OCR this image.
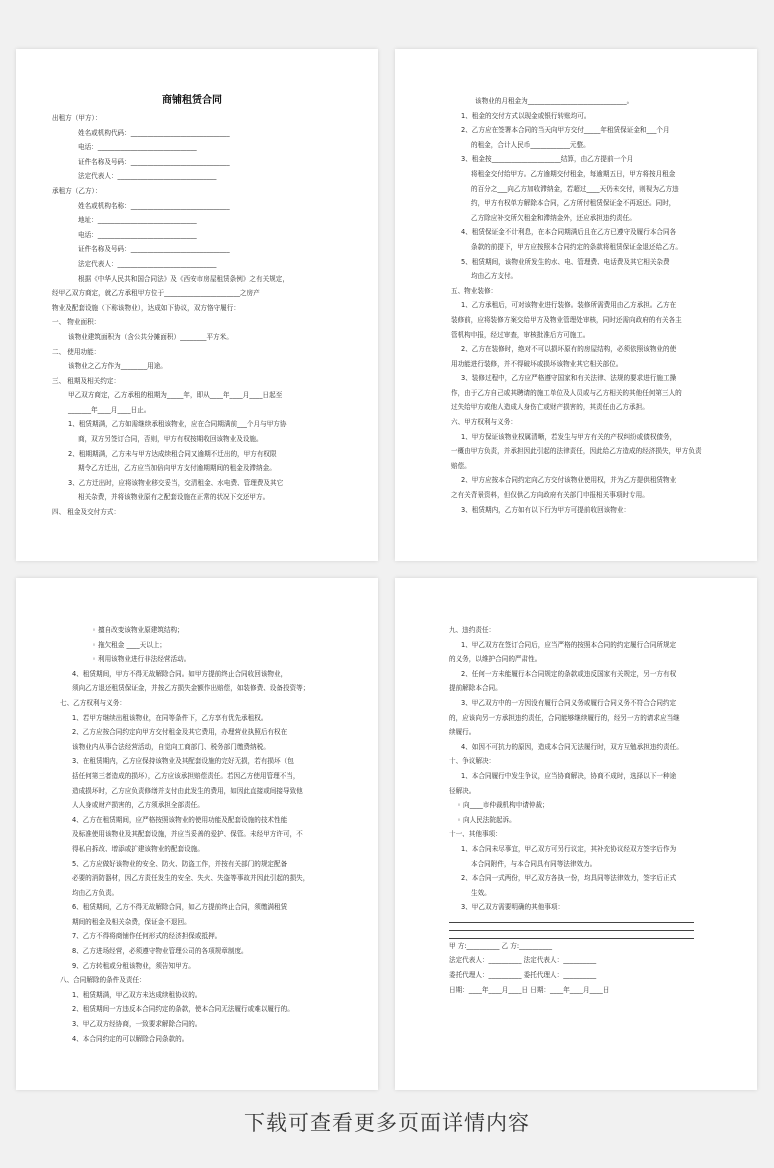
商铺租赁合同
出租方（甲方）：
姓名或机构代码：______________________________
电话：______________________________
证件名称及号码：______________________________
法定代表人：______________________________
承租方（乙方）：
姓名或机构名称：______________________________
地址：______________________________
电话：______________________________
证件名称及号码：______________________________
法定代表人：______________________________
根据《中华人民共和国合同法》及《西安市房屋租赁条例》之有关规定，
经甲乙双方商定，就乙方承租甲方位于_______________________之房产
物业及配套设施（下称该物业），达成如下协议，双方恪守履行：
一、 物业面积：
该物业建筑面积为（含公共分摊面积）________平方米。
二、 使用功能：
该物业之乙方作为________用途。
三、 租期及相关约定：
甲乙双方商定，乙方承租的租期为_____年，即从____年____月____日起至
_______年____月____日止。
1、租赁期满，乙方如需继续承租该物业，应在合同期满前___个月与甲方协
商，双方另签订合同，否则，甲方有权按期收回该物业及设施。
2、租期期满，乙方未与甲方达成续租合同又逾期不迁出的，甲方有权限
期令乙方迁出，乙方应当加倍向甲方支付逾期期间的租金及滞纳金。
3、乙方迁出时，应将该物业移交妥当，交清租金、水电费、管理费及其它
相关杂费，并将该物业原有之配套设施在正常的状况下交还甲方。
四、 租金及交付方式：
该物业的月租金为______________________________。
1、租金的交付方式以现金或银行转账均可。
2、乙方应在签署本合同的当天向甲方交付_____年租赁保证金和___个月
的租金，合计人民币____________元整。
3、租金按_____________________结算，由乙方提前一个月
将租金交付给甲方。乙方逾期交付租金，每逾期五日，甲方将按月租金
的百分之___向乙方加收滞纳金，若超过____天仍未交付，则视为乙方违
约，甲方有权单方解除本合同，乙方所付租赁保证金不再返还。同时，
乙方除应补交所欠租金和滞纳金外，还应承担违约责任。
4、租赁保证金不计利息，在本合同期满后且在乙方已遵守及履行本合同各
条款的前提下，甲方应按照本合同约定的条款将租赁保证金退还给乙方。
5、租赁期间，该物业所发生的水、电、管理费、电话费及其它相关杂费
均由乙方支付。
五、物业装修：
1、乙方承租后，可对该物业进行装修。装修所需费用由乙方承担。乙方在
装修前，应将装修方案交给甲方及物业管理处审核，同时还需向政府的有关各主
管机构申报，经过审查，审核批准后方可施工。
2、乙方在装修时，绝对不可以损坏原有的房屋结构，必须依照该物业的使
用功能进行装修，并不得破坏或损坏该物业其它相关部位。
3、装修过程中，乙方应严格遵守国家和有关法律、法规的要求进行施工操
作，由于乙方自己或其聘请的施工单位及人员或与乙方相关的其他任何第三人的
过失给甲方或他人造成人身伤亡或财产损害的，其责任由乙方承担。
六、甲方权利与义务：
1、甲方保证该物业权属清晰，若发生与甲方有关的产权纠纷或债权债务，
一概由甲方负责，并承担因此引起的法律责任，因此给乙方造成的经济损失，甲方负责
赔偿。
2、甲方应按本合同约定向乙方交付该物业使用权，并为乙方提供租赁物业
之有关背景资料，但仅供乙方向政府有关部门申报相关事项时专用。
3、租赁期内，乙方如有以下行为甲方可提前收回该物业：
◦ 擅自改变该物业原建筑结构；
◦ 拖欠租金 ____天以上；
◦ 利用该物业进行非法经营活动。
4、租赁期间，甲方不得无故解除合同。如甲方提前终止合同收回该物业，
须向乙方退还租赁保证金，并按乙方损失金额作出赔偿，如装修费、设备投资等；
七、乙方权利与义务：
1、若甲方继续出租该物业，在同等条件下，乙方享有优先承租权。
2、乙方应按合同约定向甲方交付租金及其它费用，办理营业执照后有权在
该物业内从事合法经营活动，自觉向工商部门、税务部门缴费纳税。
3、在租赁期内，乙方应保持该物业及其配套设施的完好无损，若有损坏（包
括任何第三者造成的损坏），乙方应该承担赔偿责任。若因乙方使用管理不当，
造成损坏时，乙方应负责修缮并支付由此发生的费用，如因此直接或间接导致他
人人身或财产损害的，乙方须承担全部责任。
4、乙方在租赁期间，应严格按照该物业的使用功能及配套设施的技术性能
及标准使用该物业及其配套设施，并应当妥善的爱护、保管。未经甲方许可，不
得私自拆改、增添或扩建该物业的配套设施。
5、乙方应做好该物业的安全、防火、防盗工作，并按有关部门的规定配备
必要的消防器材，因乙方责任发生的安全、失火、失盗等事故并因此引起的损失，
均由乙方负责。
6、租赁期间，乙方不得无故解除合同，如乙方提前终止合同，须缴满租赁
期间的租金及相关杂费，保证金不退回。
7、乙方不得将商铺作任何形式的经济担保或抵押。
8、乙方进场经营，必须遵守物业管理公司的各项规章制度。
9、乙方转租或分租该物业，须告知甲方。
八、合同解除的条件及责任：
1、租赁期满，甲乙双方未达成续租协议的。
2、租赁期间一方违反本合同约定的条款，使本合同无法履行或难以履行的。
3、甲乙双方经协商，一致要求解除合同的。
4、本合同约定的可以解除合同条款的。
九、违约责任：
1、甲乙双方在签订合同后，应当严格的按照本合同的约定履行合同所规定
的义务，以维护合同的严肃性。
2、任何一方未能履行本合同规定的条款或违反国家有关规定，另一方有权
提前解除本合同。
3、甲乙双方中的一方因没有履行合同义务或履行合同义务不符合合同约定
的，应该向另一方承担违约责任，合同能够继续履行的，经另一方的请求应当继
续履行。
4、如因不可抗力的原因，造成本合同无法履行时，双方互勉承担违约责任。
十、争议解决：
1、本合同履行中发生争议，应当协商解决，协商不成时，选择以下一种途
径解决。
◦ 向____市仲裁机构申请仲裁；
◦ 向人民法院起诉。
十一、其他事项：
1、本合同未尽事宜，甲乙双方可另行议定，其补充协议经双方签字后作为
本合同附件，与本合同具有同等法律效力。
2、本合同一式两份，甲乙双方各执一份，均具同等法律效力，签字后正式
生效。
3、甲乙双方需要明确的其他事项：
甲 方:__________ 乙 方:__________
法定代表人：__________ 法定代表人：__________
委托代理人：__________ 委托代理人：__________
日期：____年____月____日 日期：____年____月____日
下载可查看更多页面详情内容
